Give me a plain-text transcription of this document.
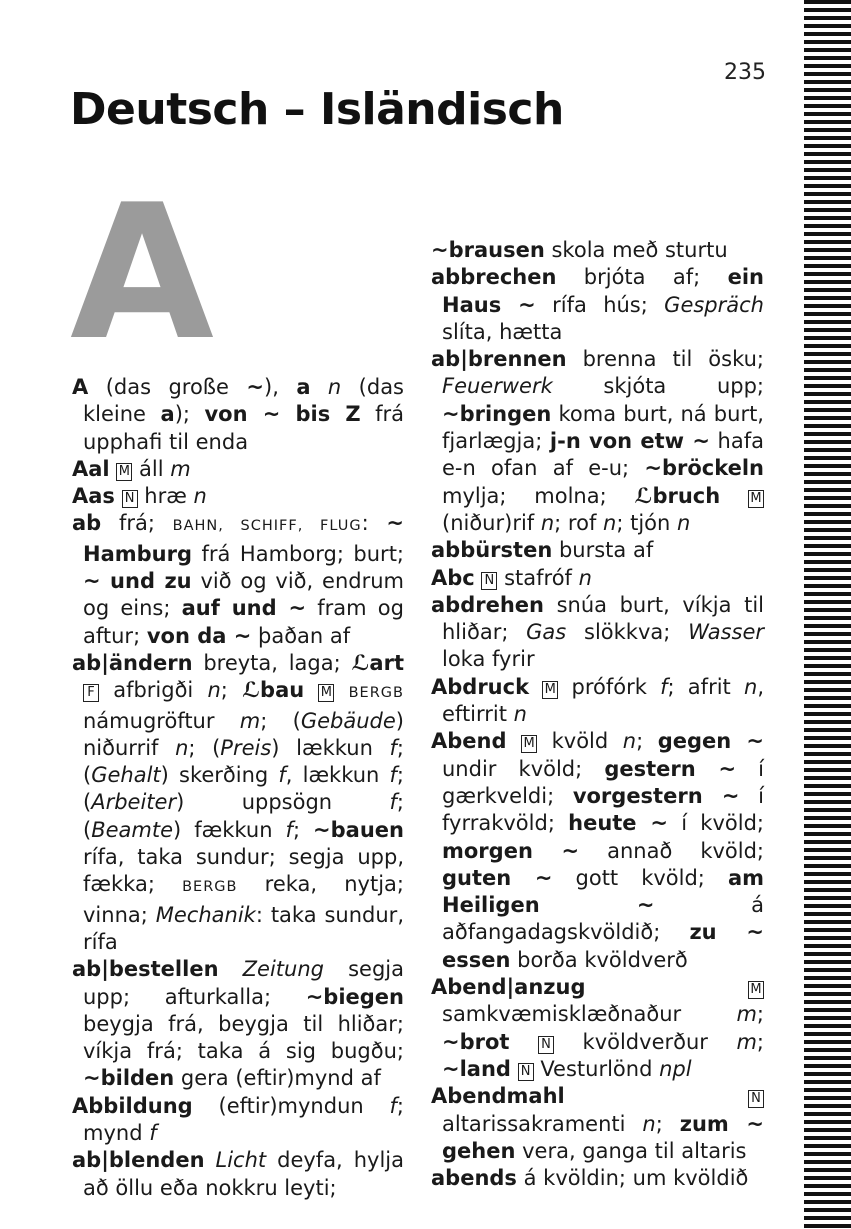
235
Deutsch – Isländisch
A
A (das große ~), a n (das kleine a); von ~ bis Z frá upphafi til enda
Aal M áll m
Aas N hræ n
ab frá; BAHN, SCHIFF, FLUG: ~ Hamburg frá Hamborg; burt; ~ und zu við og við, endrum og eins; auf und ~ fram og aftur; von da ~ þaðan af
ab|ändern breyta, laga; ℒart F afbrigði n; ℒbau M BERGB námugröftur m; (Gebäude) niðurrif n; (Preis) lækkun f; (Gehalt) skerðing f, lækkun f; (Arbeiter) uppsögn f; (Beamte) fækkun f; ~bauen rífa, taka sundur; segja upp, fækka; BERGB reka, nytja; vinna; Mechanik: taka sundur, rífa
ab|bestellen Zeitung segja upp; afturkalla; ~biegen beygja frá, beygja til hliðar; víkja frá; taka á sig bugðu; ~bilden gera (eftir)mynd af
Abbildung (eftir)myndun f; mynd f
ab|blenden Licht deyfa, hylja að öllu eða nokkru leyti;
~brausen skola með sturtu
abbrechen brjóta af; ein Haus ~ rífa hús; Gespräch slíta, hætta
ab|brennen brenna til ösku; Feuerwerk skjóta upp; ~bringen koma burt, ná burt, fjarlægja; j-n von etw ~ hafa e-n ofan af e-u; ~bröckeln mylja; molna; ℒbruch M (niður)rif n; rof n; tjón n
abbürsten bursta af
Abc N stafróf n
abdrehen snúa burt, víkja til hliðar; Gas slökkva; Wasser loka fyrir
Abdruck M prófórk f; afrit n, eftirrit n
Abend M kvöld n; gegen ~ undir kvöld; gestern ~ í gærkveldi; vorgestern ~ í fyrrakvöld; heute ~ í kvöld; morgen ~ annað kvöld; guten ~ gott kvöld; am Heiligen ~ á aðfangadagskvöldið; zu ~ essen borða kvöldverð
Abend|anzug	M samkvæmisklæðnaður m; ~brot N kvöldverður m; ~land N Vesturlönd npl
Abendmahl	N altarissakramenti n; zum ~ gehen vera, ganga til altaris
abends á kvöldin; um kvöldið
